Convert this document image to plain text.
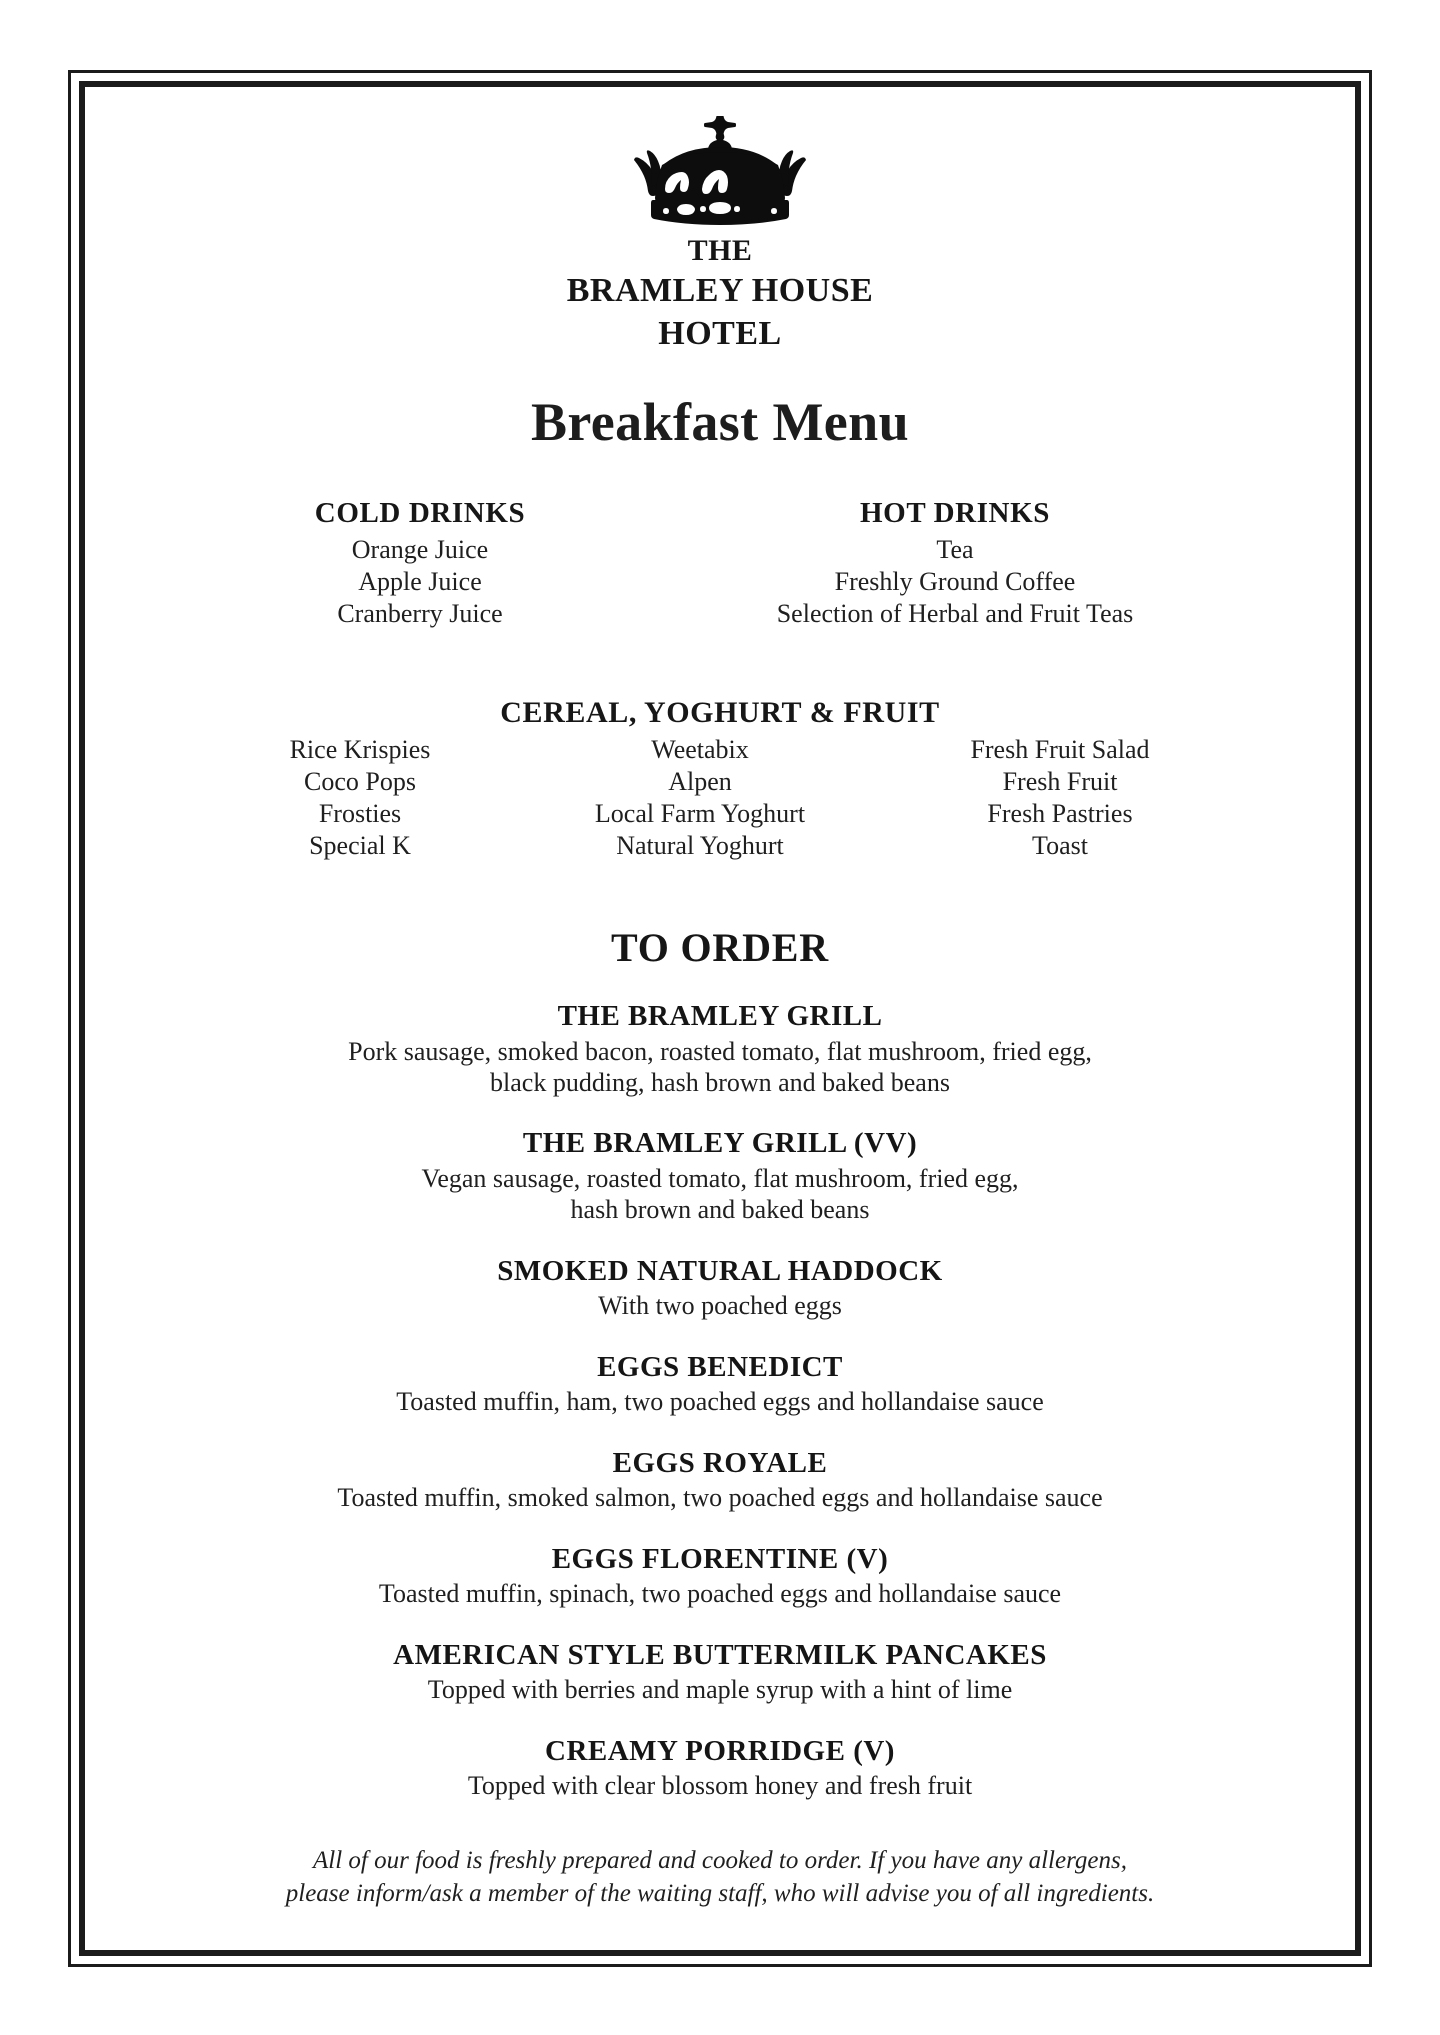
THE
BRAMLEY HOUSE
HOTEL
Breakfast Menu
COLD DRINKS
Orange Juice
Apple Juice
Cranberry Juice
HOT DRINKS
Tea
Freshly Ground Coffee
Selection of Herbal and Fruit Teas
CEREAL, YOGHURT & FRUIT
Rice Krispies
Coco Pops
Frosties
Special K
Weetabix
Alpen
Local Farm Yoghurt
Natural Yoghurt
Fresh Fruit Salad
Fresh Fruit
Fresh Pastries
Toast
TO ORDER
THE BRAMLEY GRILL
Pork sausage, smoked bacon, roasted tomato, flat mushroom, fried egg,
black pudding, hash brown and baked beans
THE BRAMLEY GRILL (VV)
Vegan sausage, roasted tomato, flat mushroom, fried egg,
hash brown and baked beans
SMOKED NATURAL HADDOCK
With two poached eggs
EGGS BENEDICT
Toasted muffin, ham, two poached eggs and hollandaise sauce
EGGS ROYALE
Toasted muffin, smoked salmon, two poached eggs and hollandaise sauce
EGGS FLORENTINE (V)
Toasted muffin, spinach, two poached eggs and hollandaise sauce
AMERICAN STYLE BUTTERMILK PANCAKES
Topped with berries and maple syrup with a hint of lime
CREAMY PORRIDGE (V)
Topped with clear blossom honey and fresh fruit
All of our food is freshly prepared and cooked to order. If you have any allergens,
please inform/ask a member of the waiting staff, who will advise you of all ingredients.
